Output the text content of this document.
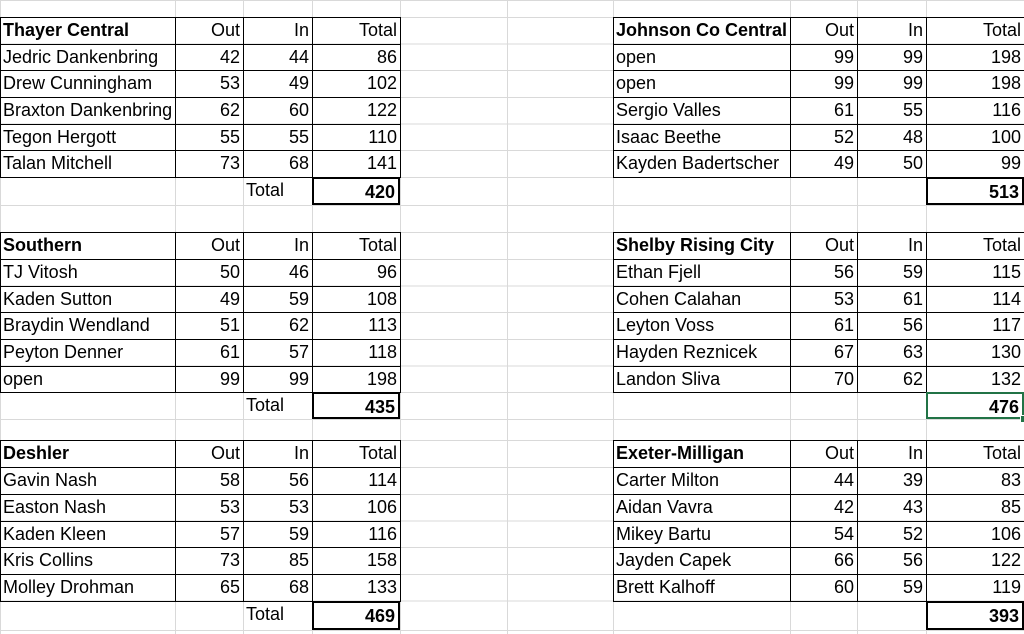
Thayer Central	Out	In	Total
Jedric Dankenbring	42	44	86
Drew Cunningham	53	49	102
Braxton Dankenbring	62	60	122
Tegon Hergott	55	55	110
Talan Mitchell	73	68	141
Total	420
Johnson Co Central	Out	In	Total
open	99	99	198
open	99	99	198
Sergio Valles	61	55	116
Isaac Beethe	52	48	100
Kayden Badertscher	49	50	99
513
Southern	Out	In	Total
TJ Vitosh	50	46	96
Kaden Sutton	49	59	108
Braydin Wendland	51	62	113
Peyton Denner	61	57	118
open	99	99	198
Total	435
Shelby Rising City	Out	In	Total
Ethan Fjell	56	59	115
Cohen Calahan	53	61	114
Leyton Voss	61	56	117
Hayden Reznicek	67	63	130
Landon Sliva	70	62	132
476
Deshler	Out	In	Total
Gavin Nash	58	56	114
Easton Nash	53	53	106
Kaden Kleen	57	59	116
Kris Collins	73	85	158
Molley Drohman	65	68	133
Total	469
Exeter-Milligan	Out	In	Total
Carter Milton	44	39	83
Aidan Vavra	42	43	85
Mikey Bartu	54	52	106
Jayden Capek	66	56	122
Brett Kalhoff	60	59	119
393
